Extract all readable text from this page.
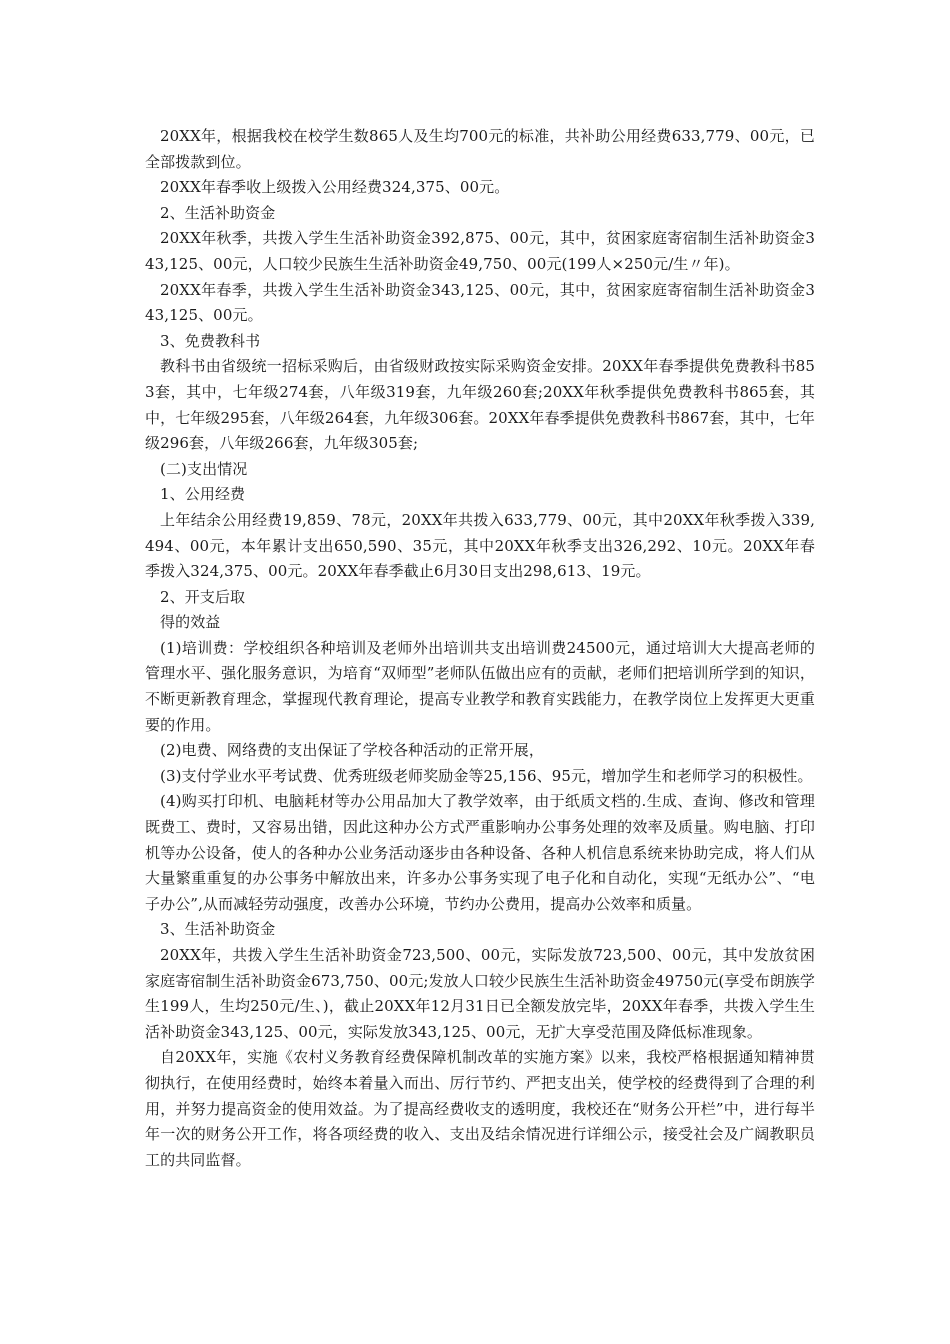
20XX年，根据我校在校学生数865人及生均700元的标准，共补助公用经费633,779、00元，已全部拨款到位。

20XX年春季收上级拨入公用经费324,375、00元。

2、生活补助资金

20XX年秋季，共拨入学生生活补助资金392,875、00元，其中，贫困家庭寄宿制生活补助资金343,125、00元，人口较少民族生生活补助资金49,750、00元(199人×250元/生〃年)。

20XX年春季，共拨入学生生活补助资金343,125、00元，其中，贫困家庭寄宿制生活补助资金343,125、00元。

3、免费教科书

教科书由省级统一招标采购后，由省级财政按实际采购资金安排。20XX年春季提供免费教科书853套，其中，七年级274套，八年级319套，九年级260套;20XX年秋季提供免费教科书865套，其中，七年级295套，八年级264套，九年级306套。20XX年春季提供免费教科书867套，其中，七年级296套，八年级266套，九年级305套;

(二)支出情况

1、公用经费

上年结余公用经费19,859、78元，20XX年共拨入633,779、00元，其中20XX年秋季拨入339,494、00元，本年累计支出650,590、35元，其中20XX年秋季支出326,292、10元。20XX年春季拨入324,375、00元。20XX年春季截止6月30日支出298,613、19元。

2、开支后取

得的效益

(1)培训费：学校组织各种培训及老师外出培训共支出培训费24500元，通过培训大大提高老师的管理水平、强化服务意识，为培育“双师型”老师队伍做出应有的贡献，老师们把培训所学到的知识，不断更新教育理念，掌握现代教育理论，提高专业教学和教育实践能力，在教学岗位上发挥更大更重要的作用。

(2)电费、网络费的支出保证了学校各种活动的正常开展，

(3)支付学业水平考试费、优秀班级老师奖励金等25,156、95元，增加学生和老师学习的积极性。

(4)购买打印机、电脑耗材等办公用品加大了教学效率，由于纸质文档的.生成、查询、修改和管理既费工、费时，又容易出错，因此这种办公方式严重影响办公事务处理的效率及质量。购电脑、打印机等办公设备，使人的各种办公业务活动逐步由各种设备、各种人机信息系统来协助完成，将人们从大量繁重重复的办公事务中解放出来，许多办公事务实现了电子化和自动化，实现“无纸办公”、“电子办公”,从而减轻劳动强度，改善办公环境，节约办公费用，提高办公效率和质量。

3、生活补助资金

20XX年，共拨入学生生活补助资金723,500、00元，实际发放723,500、00元，其中发放贫困家庭寄宿制生活补助资金673,750、00元;发放人口较少民族生生活补助资金49750元(享受布朗族学生199人，生均250元/生、)，截止20XX年12月31日已全额发放完毕，20XX年春季，共拨入学生生活补助资金343,125、00元，实际发放343,125、00元，无扩大享受范围及降低标准现象。

自20XX年，实施《农村义务教育经费保障机制改革的实施方案》以来，我校严格根据通知精神贯彻执行，在使用经费时，始终本着量入而出、厉行节约、严把支出关，使学校的经费得到了合理的利用，并努力提高资金的使用效益。为了提高经费收支的透明度，我校还在“财务公开栏”中，进行每半年一次的财务公开工作，将各项经费的收入、支出及结余情况进行详细公示，接受社会及广阔教职员工的共同监督。
